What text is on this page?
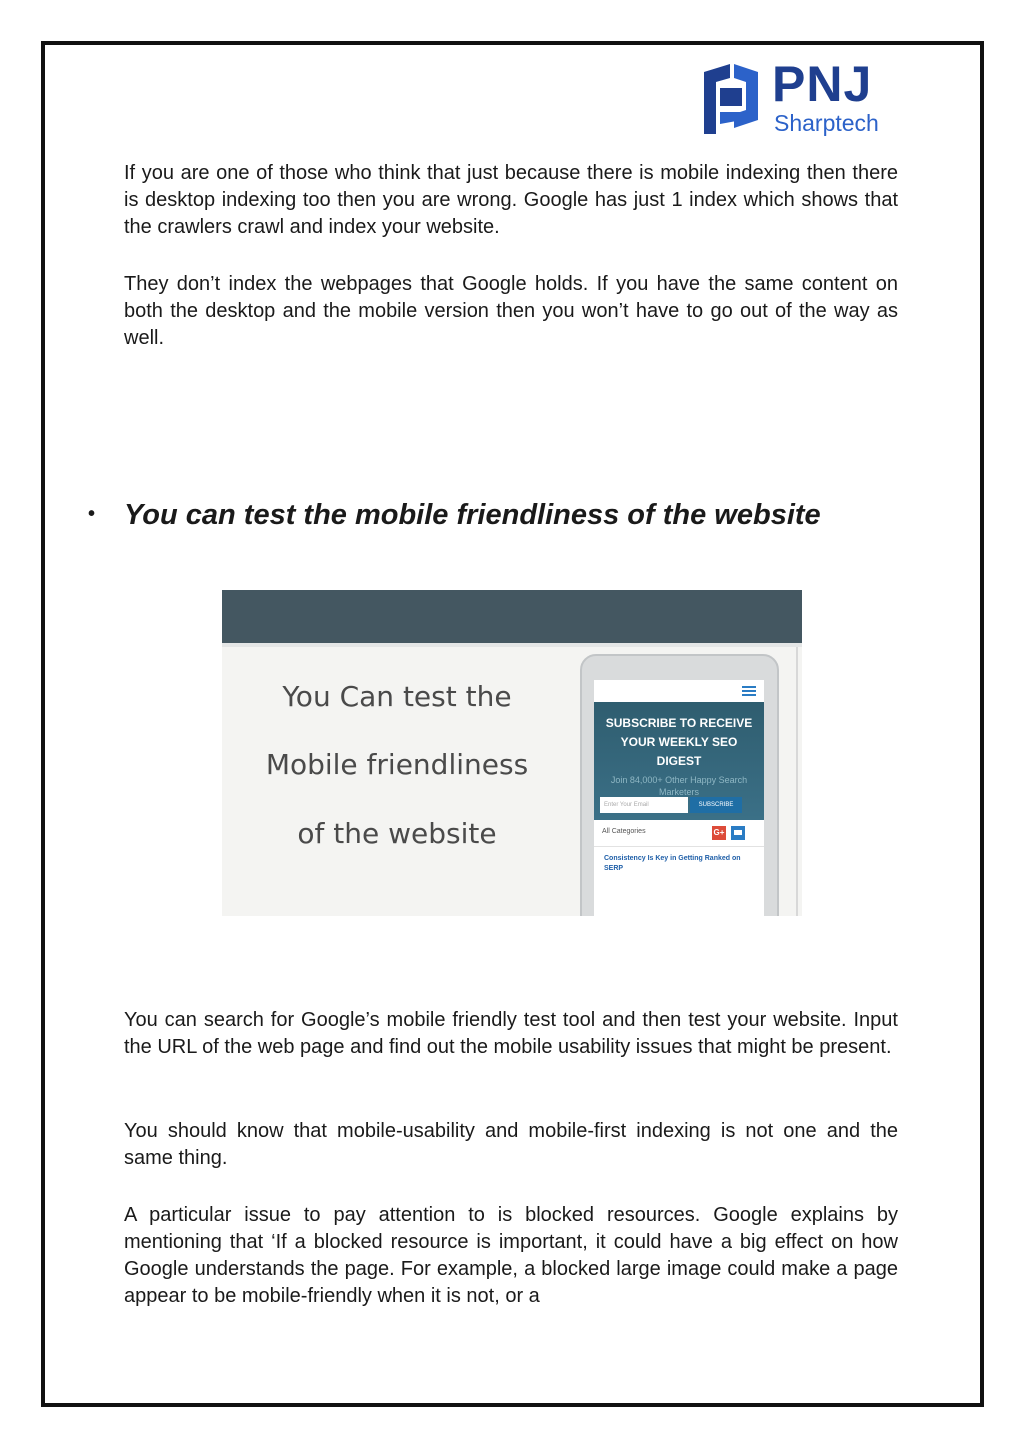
PNJ
Sharptech

If you are one of those who think that just because there is mobile indexing then there is desktop indexing too then you are wrong. Google has just 1 index which shows that the crawlers crawl and index your website.

They don’t index the webpages that Google holds. If you have the same content on both the desktop and the mobile version then you won’t have to go out of the way as well.

• You can test the mobile friendliness of the website
You Can test the
Mobile friendliness
of the website
SUBSCRIBE TO RECEIVE
YOUR WEEKLY SEO
DIGEST
Join 84,000+ Other Happy Search Marketers
Enter Your Email	SUBSCRIBE
All Categories	G+
Consistency Is Key in Getting Ranked on SERP

You can search for Google’s mobile friendly test tool and then test your website. Input the URL of the web page and find out the mobile usability issues that might be present.

You should know that mobile-usability and mobile-first indexing is not one and the same thing.

A particular issue to pay attention to is blocked resources. Google explains by mentioning that ‘If a blocked resource is important, it could have a big effect on how Google understands the page. For example, a blocked large image could make a page appear to be mobile-friendly when it is not, or a
